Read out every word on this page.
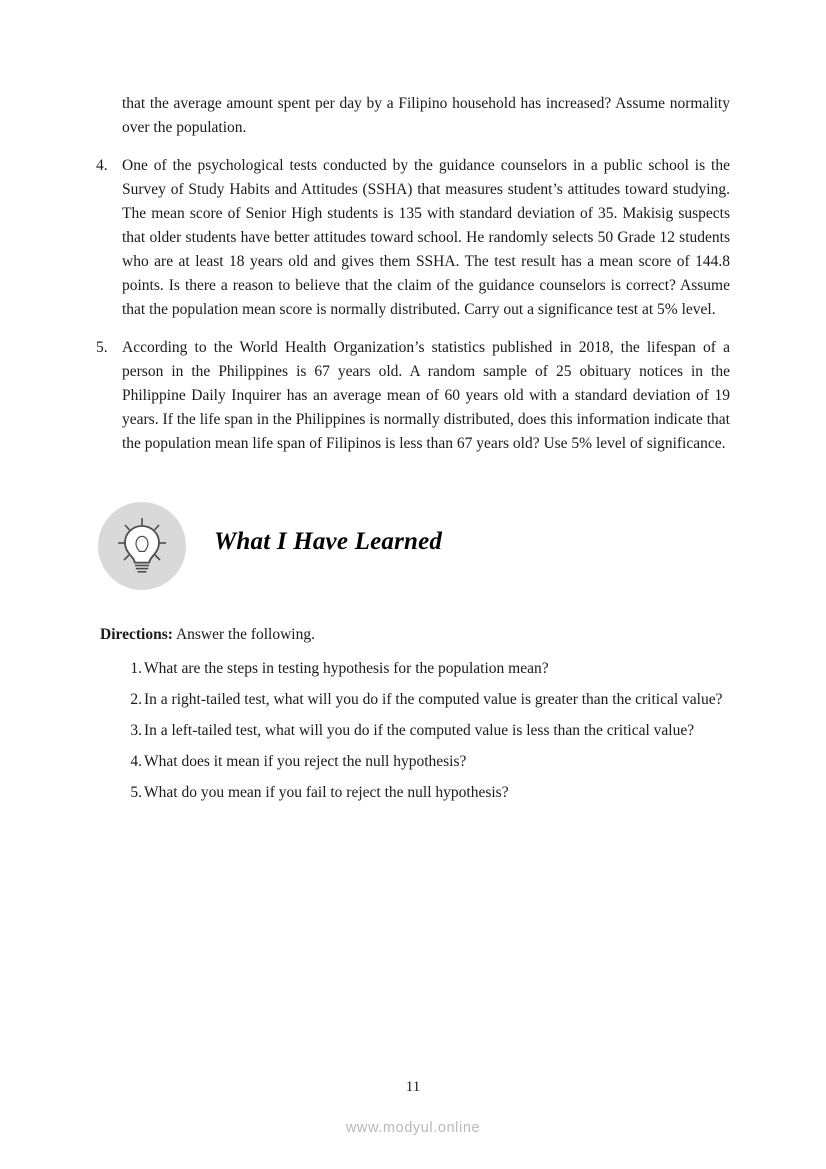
that the average amount spent per day by a Filipino household has increased? Assume normality over the population.

4. One of the psychological tests conducted by the guidance counselors in a public school is the Survey of Study Habits and Attitudes (SSHA) that measures student’s attitudes toward studying. The mean score of Senior High students is 135 with standard deviation of 35. Makisig suspects that older students have better attitudes toward school. He randomly selects 50 Grade 12 students who are at least 18 years old and gives them SSHA. The test result has a mean score of 144.8 points. Is there a reason to believe that the claim of the guidance counselors is correct? Assume that the population mean score is normally distributed. Carry out a significance test at 5% level.
5. According to the World Health Organization’s statistics published in 2018, the lifespan of a person in the Philippines is 67 years old. A random sample of 25 obituary notices in the Philippine Daily Inquirer has an average mean of 60 years old with a standard deviation of 19 years. If the life span in the Philippines is normally distributed, does this information indicate that the population mean life span of Filipinos is less than 67 years old? Use 5% level of significance.
What I Have Learned
Directions: Answer the following.
1. What are the steps in testing hypothesis for the population mean?
2. In a right-tailed test, what will you do if the computed value is greater than the critical value?
3. In a left-tailed test, what will you do if the computed value is less than the critical value?
4. What does it mean if you reject the null hypothesis?
5. What do you mean if you fail to reject the null hypothesis?
11
www.modyul.online
